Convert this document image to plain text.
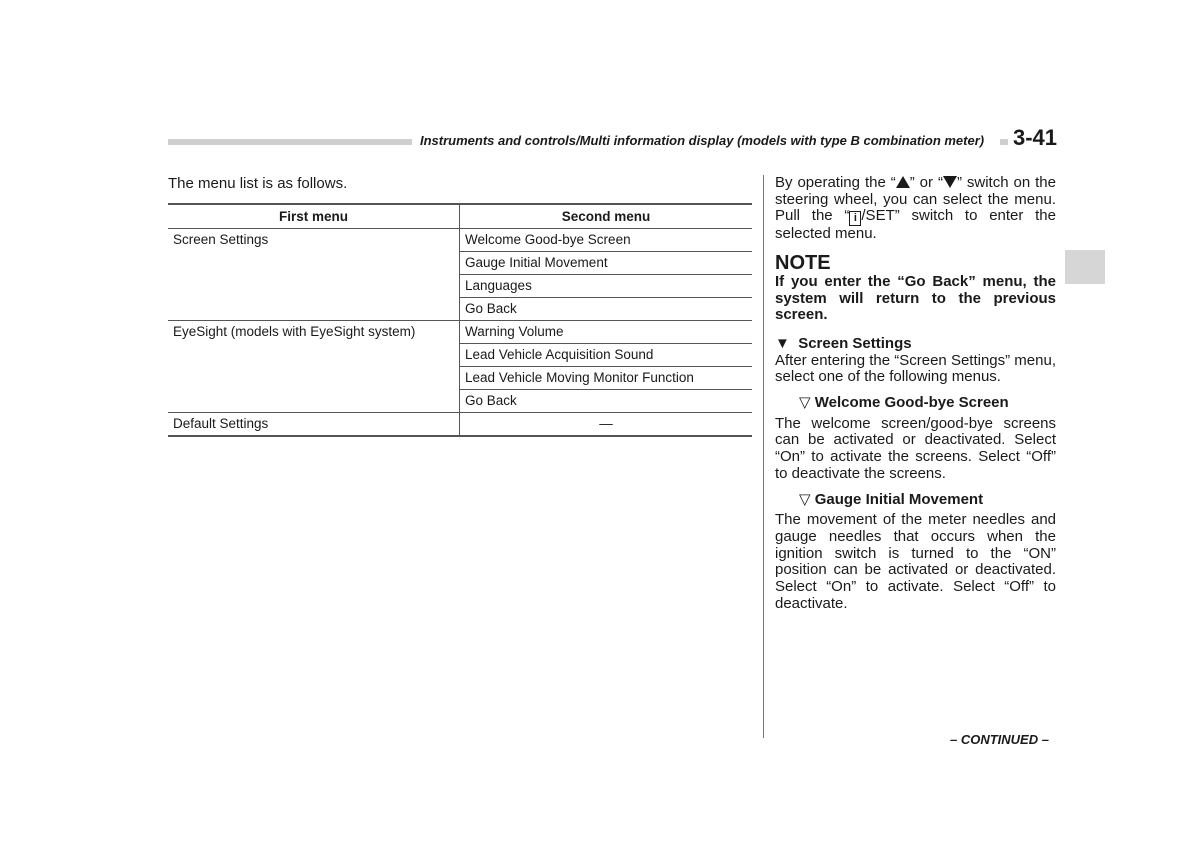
Instruments and controls/Multi information display (models with type B combination meter) 3-41
The menu list is as follows.
First menu	Second menu
Screen Settings	Welcome Good-bye Screen
	Gauge Initial Movement
	Languages
	Go Back
EyeSight (models with EyeSight system)	Warning Volume
	Lead Vehicle Acquisition Sound
	Lead Vehicle Moving Monitor Function
	Go Back
Default Settings	—

By operating the “ ” or “ ” switch on the steering wheel, you can select the menu. Pull the “ i /SET” switch to enter the selected menu.

NOTE

If you enter the “Go Back” menu, the system will return to the previous screen.

▼ Screen Settings

After entering the “Screen Settings” menu, select one of the following menus.

▽ Welcome Good-bye Screen

The welcome screen/good-bye screens can be activated or deactivated. Select “On” to activate the screens. Select “Off” to deactivate the screens.

▽ Gauge Initial Movement

The movement of the meter needles and gauge needles that occurs when the ignition switch is turned to the “ON” position can be activated or deactivated. Select “On” to activate. Select “Off” to deactivate.

– CONTINUED –
